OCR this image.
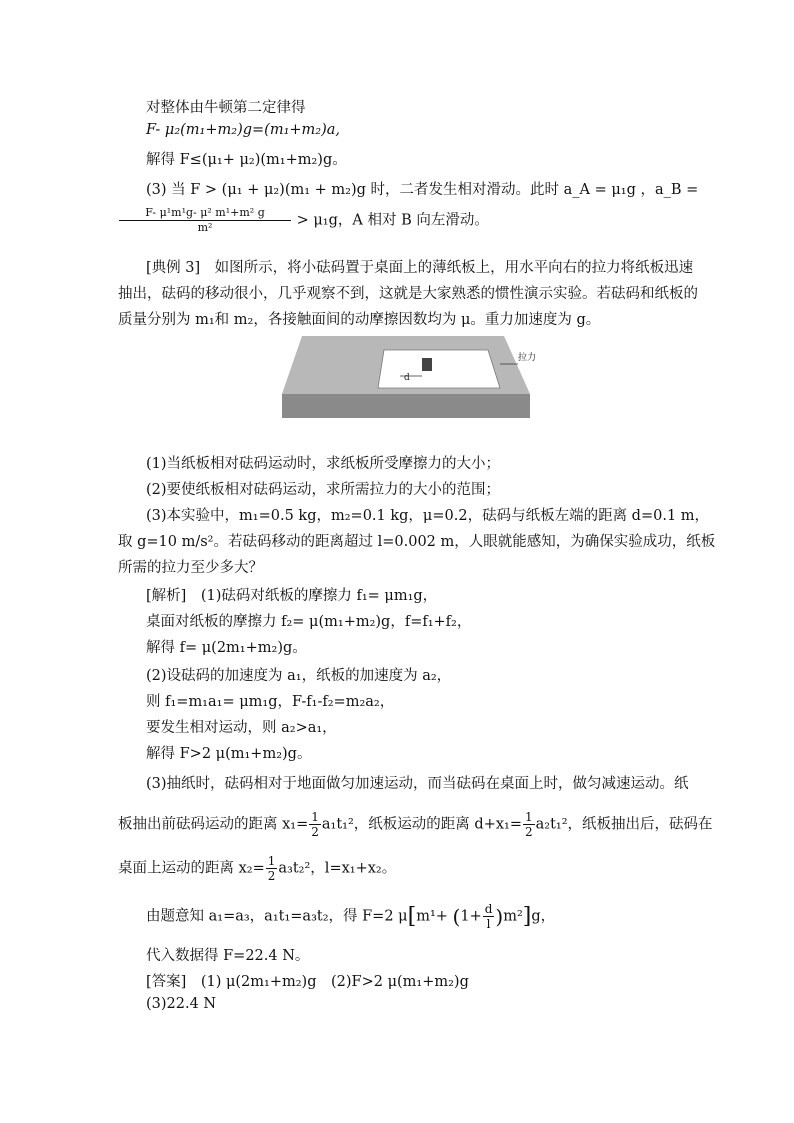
对整体由牛顿第二定律得
F- μ₂(m₁+m₂)g=(m₁+m₂)a,
解得 F≤(μ₁+ μ₂)(m₁+m₂)g。
(3) 当 F > (μ₁ + μ₂)(m₁ + m₂)g 时，二者发生相对滑动。此时 a_A = μ₁g ，a_B =
$\frac{\text{F- μ¹m¹g- μ² m¹+m² g}}{\text{m²}} > \mu_1g$，A 相对 B 向左滑动。
[典例 3]　如图所示，将小砝码置于桌面上的薄纸板上，用水平向右的拉力将纸板迅速
抽出，砝码的移动很小，几乎观察不到，这就是大家熟悉的惯性演示实验。若砝码和纸板的
质量分别为 m₁和 m₂，各接触面间的动摩擦因数均为 μ。重力加速度为 g。
d
拉力
(1)当纸板相对砝码运动时，求纸板所受摩擦力的大小；
(2)要使纸板相对砝码运动，求所需拉力的大小的范围；
(3)本实验中，m₁=0.5 kg，m₂=0.1 kg，μ=0.2，砝码与纸板左端的距离 d=0.1 m，
取 g=10 m/s²。若砝码移动的距离超过 l=0.002 m，人眼就能感知，为确保实验成功，纸板
所需的拉力至少多大？
[解析]　(1)砝码对纸板的摩擦力 f₁= μm₁g，
桌面对纸板的摩擦力 f₂= μ(m₁+m₂)g，f=f₁+f₂，
解得 f= μ(2m₁+m₂)g。
(2)设砝码的加速度为 a₁，纸板的加速度为 a₂，
则 f₁=m₁a₁= μm₁g，F-f₁-f₂=m₂a₂，
要发生相对运动，则 a₂>a₁，
解得 F>2 μ(m₁+m₂)g。
(3)抽纸时，砝码相对于地面做匀加速运动，而当砝码在桌面上时，做匀减速运动。纸
板抽出前砝码运动的距离 $x_1= \frac{1}{2} a_1t_1^2$，纸板运动的距离 $d+x_1= \frac{1}{2} a_2t_1^2$，纸板抽出后，砝码在
桌面上运动的距离 $x_2= \frac{1}{2} a_3t_2^2$，l=x₁+x₂。
由题意知 a₁=a₃，a₁t₁=a₃t₂，得 F=2 $\mu[m^1+ (1+ \frac{d}{l} )m^2]g$，
代入数据得 F=22.4 N。
[答案]　(1) μ(2m₁+m₂)g　(2)F>2 μ(m₁+m₂)g
(3)22.4 N
